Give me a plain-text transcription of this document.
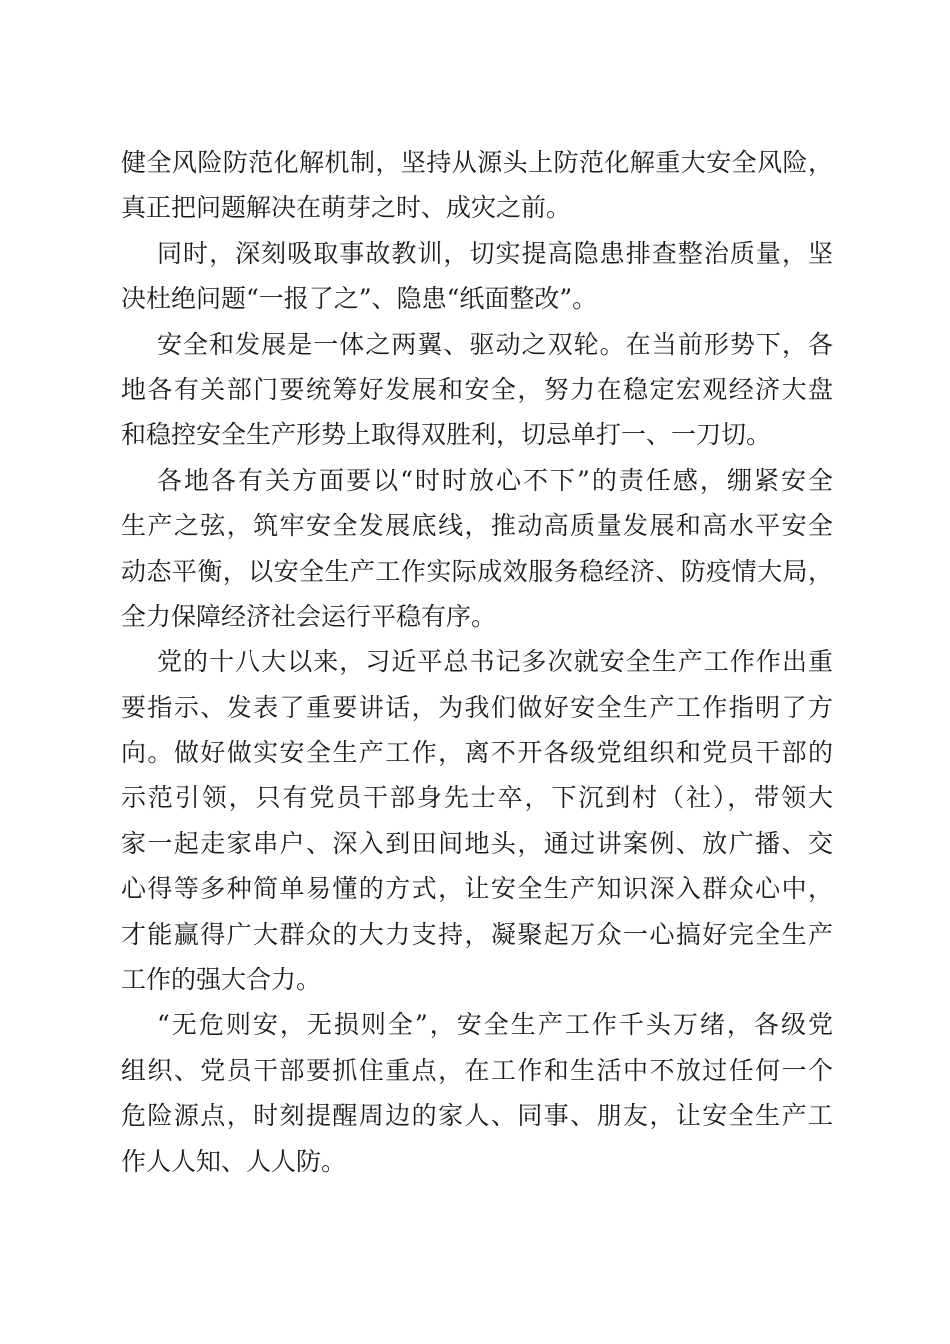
健全风险防范化解机制，坚持从源头上防范化解重大安全风险，
真正把问题解决在萌芽之时、成灾之前。
同时，深刻吸取事故教训，切实提高隐患排查整治质量，坚
决杜绝问题“一报了之”、隐患“纸面整改”。
安全和发展是一体之两翼、驱动之双轮。在当前形势下，各
地各有关部门要统筹好发展和安全，努力在稳定宏观经济大盘
和稳控安全生产形势上取得双胜利，切忌单打一、一刀切。
各地各有关方面要以“时时放心不下”的责任感，绷紧安全
生产之弦，筑牢安全发展底线，推动高质量发展和高水平安全
动态平衡，以安全生产工作实际成效服务稳经济、防疫情大局，
全力保障经济社会运行平稳有序。
党的十八大以来，习近平总书记多次就安全生产工作作出重
要指示、发表了重要讲话，为我们做好安全生产工作指明了方
向。做好做实安全生产工作，离不开各级党组织和党员干部的
示范引领，只有党员干部身先士卒，下沉到村（社），带领大
家一起走家串户、深入到田间地头，通过讲案例、放广播、交
心得等多种简单易懂的方式，让安全生产知识深入群众心中，
才能赢得广大群众的大力支持，凝聚起万众一心搞好完全生产
工作的强大合力。
“无危则安，无损则全”，安全生产工作千头万绪，各级党
组织、党员干部要抓住重点，在工作和生活中不放过任何一个
危险源点，时刻提醒周边的家人、同事、朋友，让安全生产工
作人人知、人人防。
